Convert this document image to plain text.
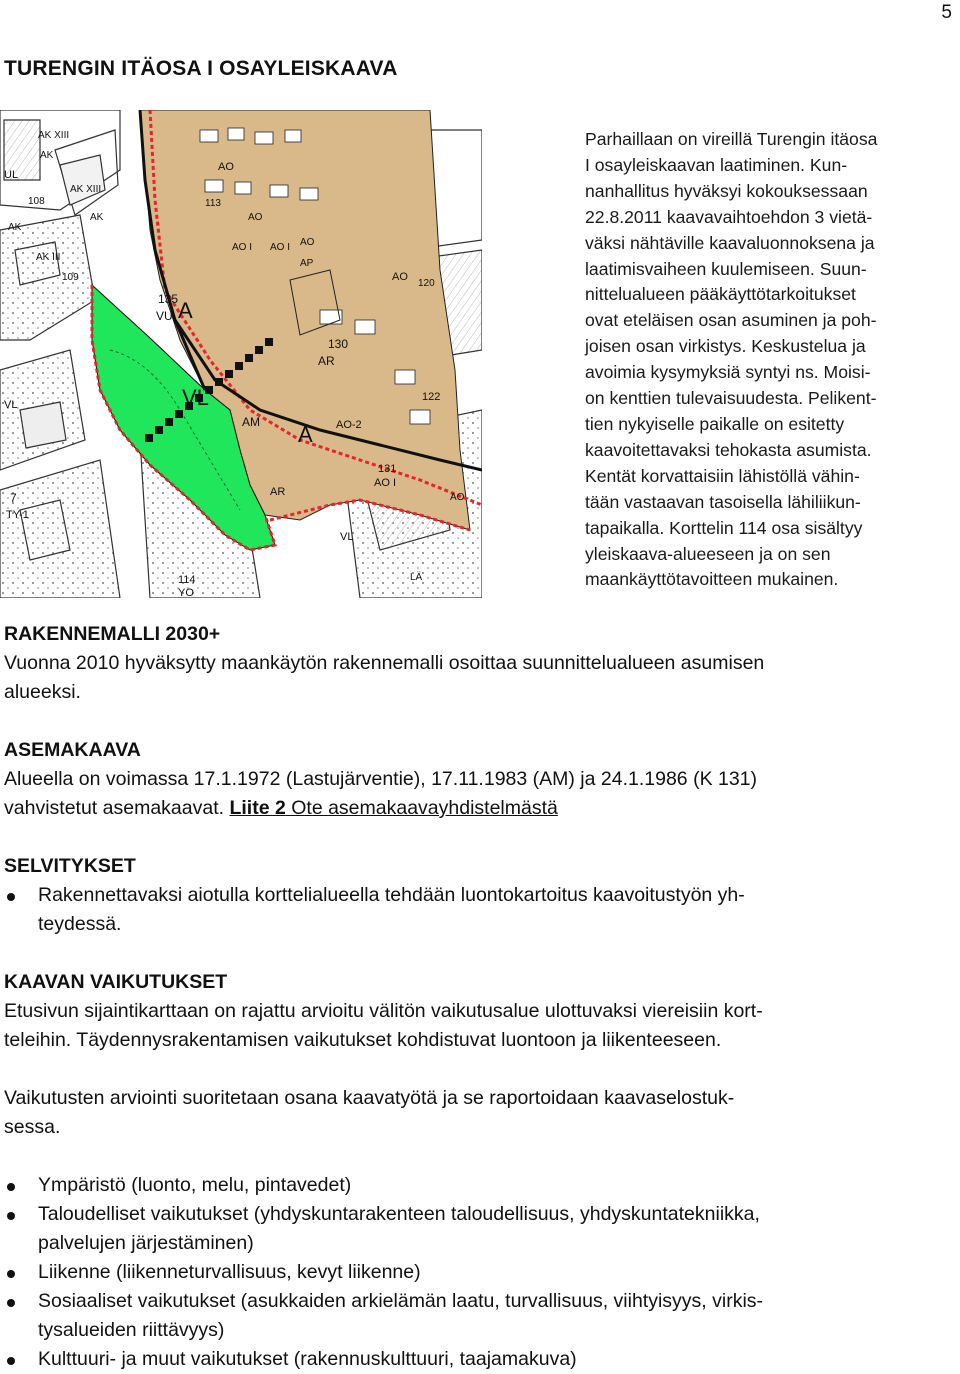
5
TURENGIN ITÄOSA I OSAYLEISKAAVA
UL
AK XIII
AK
108
AK XIII
AK
AK
AK III
109
AO
113
AO
AO I AO I
AO
120
AO
AP
135
VU A
130
AR
VL
VL
AM A AO-2
122
131
AO I
AR	AO
7
TY-1
114
YO
VL
LÄ

Parhaillaan on vireillä Turengin itäosa

I osayleiskaavan laatiminen. Kun-

nanhallitus hyväksyi kokouksessaan

22.8.2011 kaavavaihtoehdon 3 vietä-

väksi nähtäville kaavaluonnoksena ja

laatimisvaiheen kuulemiseen. Suun-

nittelualueen pääkäyttötarkoitukset

ovat eteläisen osan asuminen ja poh-

joisen osan virkistys. Keskustelua ja

avoimia kysymyksiä syntyi ns. Moisi-

on kenttien tulevaisuudesta. Pelikent-

tien nykyiselle paikalle on esitetty

kaavoitettavaksi tehokasta asumista.

Kentät korvattaisiin lähistöllä vähin-

tään vastaavan tasoisella lähiliikun-

tapaikalla. Korttelin 114 osa sisältyy

yleiskaava-alueeseen ja on sen

maankäyttötavoitteen mukainen.

RAKENNEMALLI 2030+

Vuonna 2010 hyväksytty maankäytön rakennemalli osoittaa suunnittelualueen asumisen

alueeksi.

ASEMAKAAVA

Alueella on voimassa 17.1.1972 (Lastujärventie), 17.11.1983 (AM) ja 24.1.1986 (K 131)

vahvistetut asemakaavat. Liite 2 Ote asemakaavayhdistelmästä

SELVITYKSET

Rakennettavaksi aiotulla korttelialueella tehdään luontokartoitus kaavoitustyön yh-
teydessä.

KAAVAN VAIKUTUKSET

Etusivun sijaintikarttaan on rajattu arvioitu välitön vaikutusalue ulottuvaksi viereisiin kort-

teleihin. Täydennysrakentamisen vaikutukset kohdistuvat luontoon ja liikenteeseen.

Vaikutusten arviointi suoritetaan osana kaavatyötä ja se raportoidaan kaavaselostuk-

sessa.

Ympäristö (luonto, melu, pintavedet)
Taloudelliset vaikutukset (yhdyskuntarakenteen taloudellisuus, yhdyskuntatekniikka,
palvelujen järjestäminen)
Liikenne (liikenneturvallisuus, kevyt liikenne)
Sosiaaliset vaikutukset (asukkaiden arkielämän laatu, turvallisuus, viihtyisyys, virkis-
tysalueiden riittävyys)
Kulttuuri- ja muut vaikutukset (rakennuskulttuuri, taajamakuva)
